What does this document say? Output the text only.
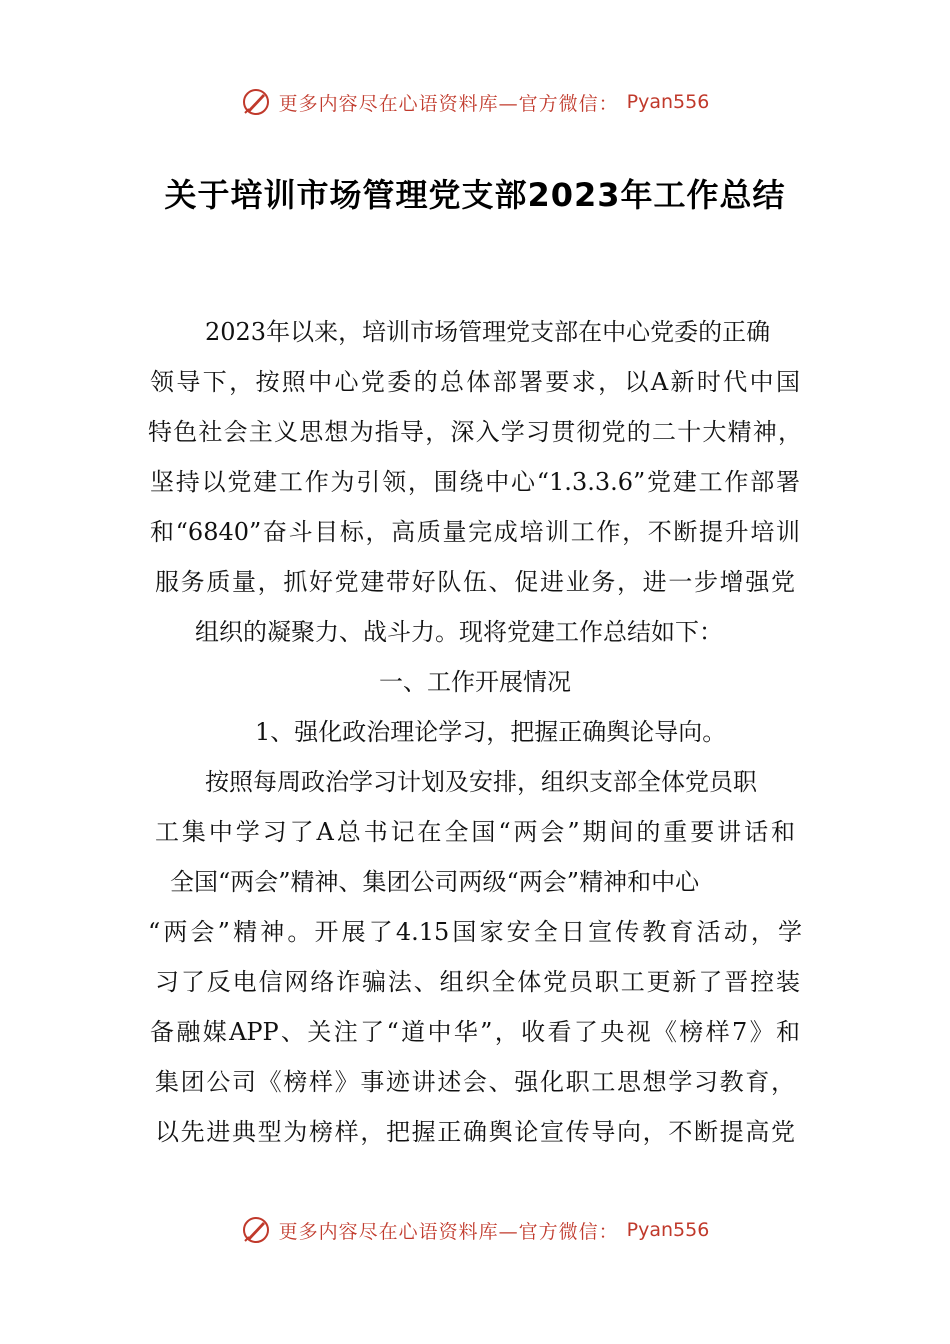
更多内容尽在心语资料库—官方微信： Pyan556
关于培训市场管理党支部2023年工作总结
2023年以来，培训市场管理党支部在中心党委的正确
领导下，按照中心党委的总体部署要求，以A新时代中国
特色社会主义思想为指导，深入学习贯彻党的二十大精神，
坚持以党建工作为引领，围绕中心“1.3.3.6”党建工作部署
和“6840”奋斗目标，高质量完成培训工作，不断提升培训
服务质量，抓好党建带好队伍、促进业务，进一步增强党
组织的凝聚力、战斗力。现将党建工作总结如下：
一、工作开展情况
1、强化政治理论学习，把握正确舆论导向。
按照每周政治学习计划及安排，组织支部全体党员职
工集中学习了A总书记在全国“两会”期间的重要讲话和
全国“两会”精神、集团公司两级“两会”精神和中心
“两会”精神。开展了4.15国家安全日宣传教育活动，学
习了反电信网络诈骗法、组织全体党员职工更新了晋控装
备融媒APP、关注了“道中华”，收看了央视《榜样7》和
集团公司《榜样》事迹讲述会、强化职工思想学习教育，
以先进典型为榜样，把握正确舆论宣传导向，不断提高党
更多内容尽在心语资料库—官方微信： Pyan556
